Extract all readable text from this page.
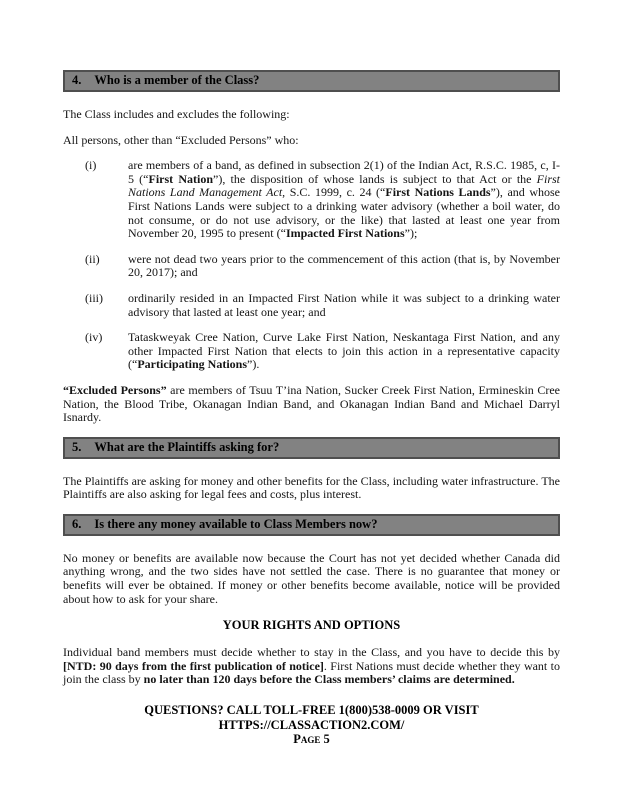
4. Who is a member of the Class?

The Class includes and excludes the following:

All persons, other than “Excluded Persons” who:

(i)	are members of a band, as defined in subsection 2(1) of the Indian Act, R.S.C. 1985, c, I-5 (“First Nation”), the disposition of whose lands is subject to that Act or the First Nations Land Management Act, S.C. 1999, c. 24 (“First Nations Lands”), and whose First Nations Lands were subject to a drinking water advisory (whether a boil water, do not consume, or do not use advisory, or the like) that lasted at least one year from November 20, 1995 to present (“Impacted First Nations”);
(ii)	were not dead two years prior to the commencement of this action (that is, by November 20, 2017); and
(iii)	ordinarily resided in an Impacted First Nation while it was subject to a drinking water advisory that lasted at least one year; and
(iv)	Tataskweyak Cree Nation, Curve Lake First Nation, Neskantaga First Nation, and any other Impacted First Nation that elects to join this action in a representative capacity (“Participating Nations”).

“Excluded Persons” are members of Tsuu T’ina Nation, Sucker Creek First Nation, Ermineskin Cree Nation, the Blood Tribe, Okanagan Indian Band, and Okanagan Indian Band and Michael Darryl Isnardy.

5. What are the Plaintiffs asking for?

The Plaintiffs are asking for money and other benefits for the Class, including water infrastructure. The Plaintiffs are also asking for legal fees and costs, plus interest.

6. Is there any money available to Class Members now?

No money or benefits are available now because the Court has not yet decided whether Canada did anything wrong, and the two sides have not settled the case. There is no guarantee that money or benefits will ever be obtained. If money or other benefits become available, notice will be provided about how to ask for your share.

YOUR RIGHTS AND OPTIONS

Individual band members must decide whether to stay in the Class, and you have to decide this by [NTD: 90 days from the first publication of notice]. First Nations must decide whether they want to join the class by no later than 120 days before the Class members’ claims are determined.

QUESTIONS? CALL TOLL-FREE 1(800)538-0009 OR VISIT
HTTPS://CLASSACTION2.COM/
Page 5
